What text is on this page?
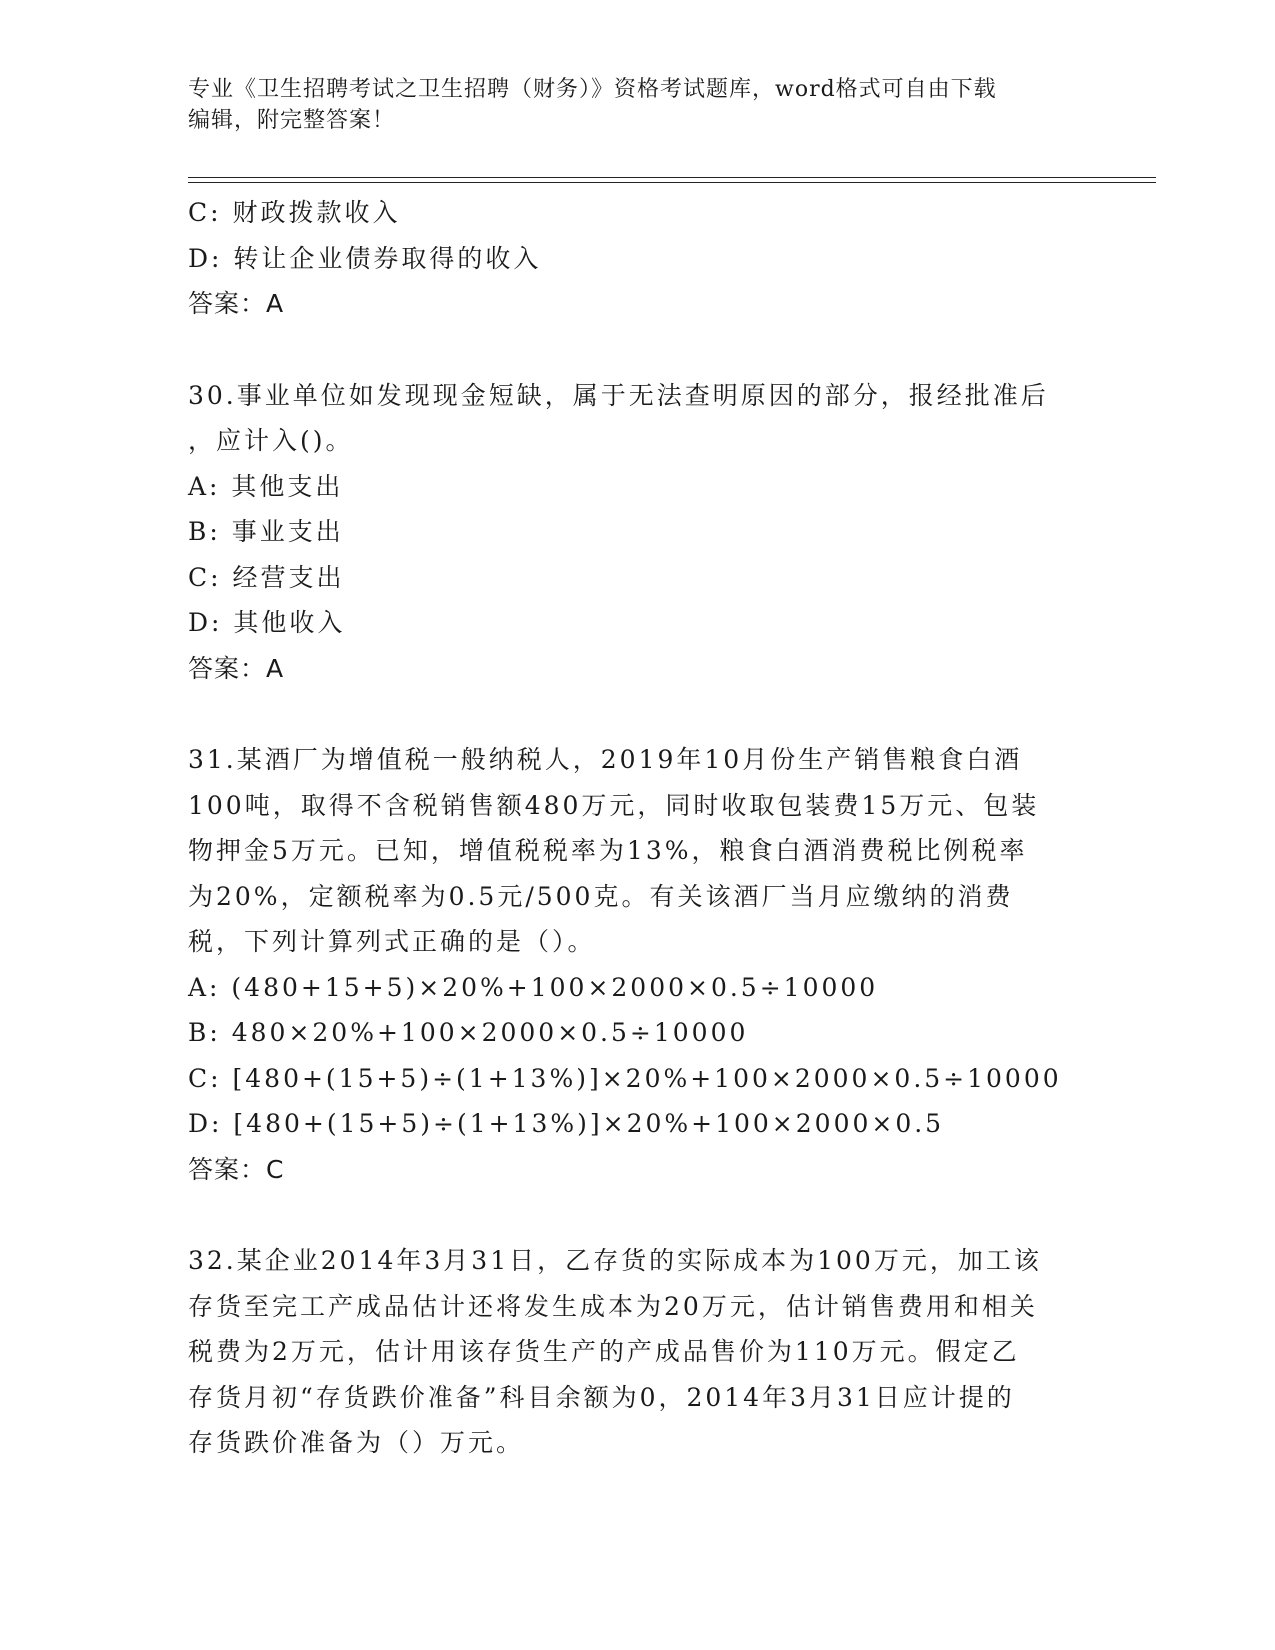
专业《卫生招聘考试之卫生招聘（财务）》资格考试题库，word格式可自由下载
编辑，附完整答案！
C: 财政拨款收入
D: 转让企业债券取得的收入
答案：A
30.事业单位如发现现金短缺，属于无法查明原因的部分，报经批准后
，应计入()。
A: 其他支出
B: 事业支出
C: 经营支出
D: 其他收入
答案：A
31.某酒厂为增值税一般纳税人，2019年10月份生产销售粮食白酒
100吨，取得不含税销售额480万元，同时收取包装费15万元、包装
物押金5万元。已知，增值税税率为13%，粮食白酒消费税比例税率
为20%，定额税率为0.5元/500克。有关该酒厂当月应缴纳的消费
税，下列计算列式正确的是（）。
A: (480+15+5)×20%+100×2000×0.5÷10000
B: 480×20%+100×2000×0.5÷10000
C: [480+(15+5)÷(1+13%)]×20%+100×2000×0.5÷10000
D: [480+(15+5)÷(1+13%)]×20%+100×2000×0.5
答案：C
32.某企业2014年3月31日，乙存货的实际成本为100万元，加工该
存货至完工产成品估计还将发生成本为20万元，估计销售费用和相关
税费为2万元，估计用该存货生产的产成品售价为110万元。假定乙
存货月初“存货跌价准备”科目余额为0，2014年3月31日应计提的
存货跌价准备为（）万元。
